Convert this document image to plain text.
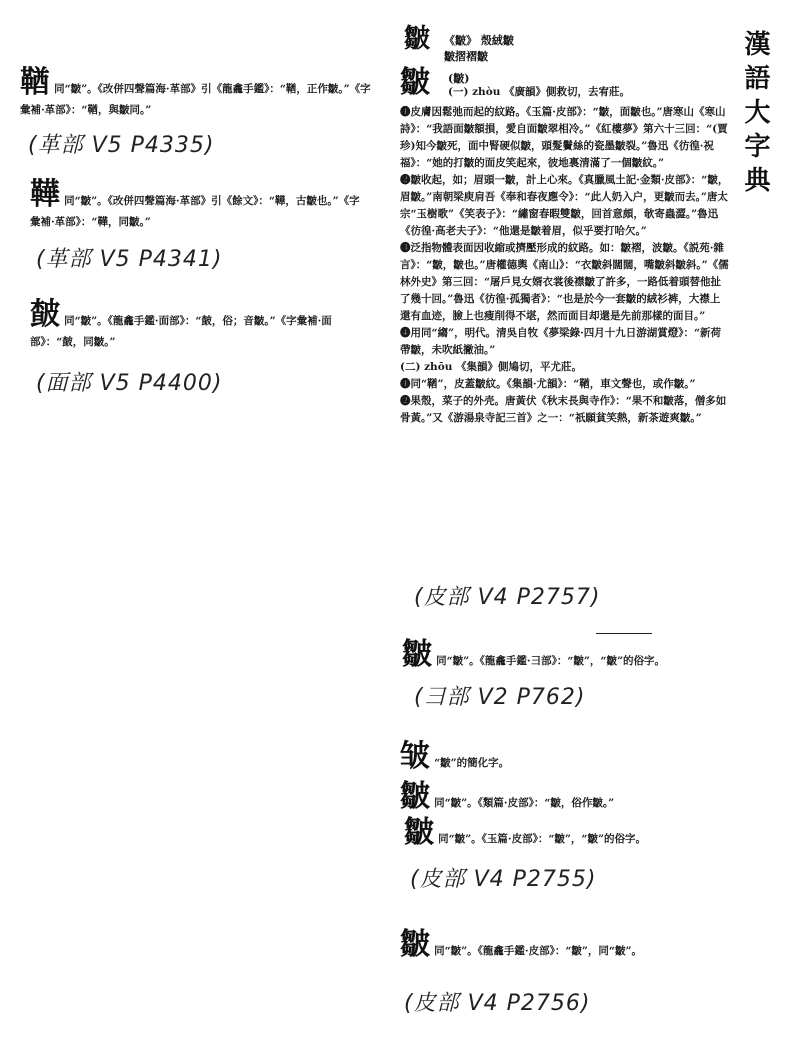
漢語大字典
鞧 同“皺”。《改併四聲篇海·革部》引《龍龕手鑑》：“鞧，正作皺。”《字彙補·革部》：“鞧，與皺同。”
(革部 V5 P4335)
鞾 同“皺”。《改併四聲篇海·革部》引《餘文》：“鞾，古皺也。”《字彙補·革部》：“鞾，同皺。”
(革部 V5 P4341)
皶 同“皺”。《龍龕手鑑·面部》：“皶，俗；音皺。”《字彙補·面部》：“皶，同皺。”
(面部 V5 P4400)
皺 《皺》 殼絨皺
皺摺褶皺
皺 (皺)
(一) zhòu 《廣韻》側救切，去宥莊。
❶皮膚因鬆弛而起的紋路。《玉篇·皮部》：“皺，面皺也。”唐寒山《寒山詩》：“我語面皺額損，愛自面皺翠相冷。”《紅樓夢》第六十三回：“(賈珍)知今皺死，面中腎硬似皺，頭髮鬢絲的瓷墨皺裂。”魯迅《彷徨·祝福》：“她的打皺的面皮笑起來，彼地裏清滿了一個皺紋。”
❷皺收起，如；眉頭一皺，計上心來。《真臘風土記·金類·皮部》：“皺，眉皺。”南朝梁庾肩吾《奉和春夜應令》：“此人奶入户，更皺而去。”唐太宗“玉樹歌”《笑表子》：“繡窗春暇雙皺，回首意頗，欹寄蟲澀。”魯迅《彷徨·高老夫子》：“他還是皺着眉，似乎要打哈欠。”
❸泛指物體表面因收縮或擠壓形成的紋路。如：皺褶，波皺。《説苑·雜言》：“皺，皺也。”唐權德輿《南山》：“衣皺斜闊闊，嘴皺斜皺斜。”《儒林外史》第三回：“屠戶見女婿衣裳後襟皺了許多，一路低着頭替他扯了幾十回。”魯迅《彷徨·孤獨者》：“也是於今一套皺的絨衫裤，大襟上還有血迹，臉上也瘦削得不堪，然而面目却還是先前那樣的面目。”
❹用同“縐”，明代。清吳自牧《夢梁錄·四月十九日游湖賞燈》：“新荷帶皺，未吹紙撇油。”
(二) zhōu 《集韻》側鳩切，平尤莊。
❶同“鞧”，皮蓋皺紋。《集韻·尤韻》：“鞧，車文聲也，或作皺。”
❷果殼，菜子的外壳。唐黃伏《秋末長與寺作》：“果不和皺落，僧多如骨黃。”又《游湯泉寺記三首》之一：“祇願貧笑熱，新茶遊爽皺。”
(皮部 V4 P2757)
皺 同“皺”。《龍龕手鑑·彐部》：“皺”，“皺”的俗字。
(彐部 V2 P762)
皱 “皺”的簡化字。
皺 同“皺”。《類篇·皮部》：“皺，俗作皺。”
皺 同“皺”。《玉篇·皮部》：“皺”，“皺”的俗字。
(皮部 V4 P2755)
皺 同“皺”。《龍龕手鑑·皮部》：“皺”，同“皺”。
(皮部 V4 P2756)
